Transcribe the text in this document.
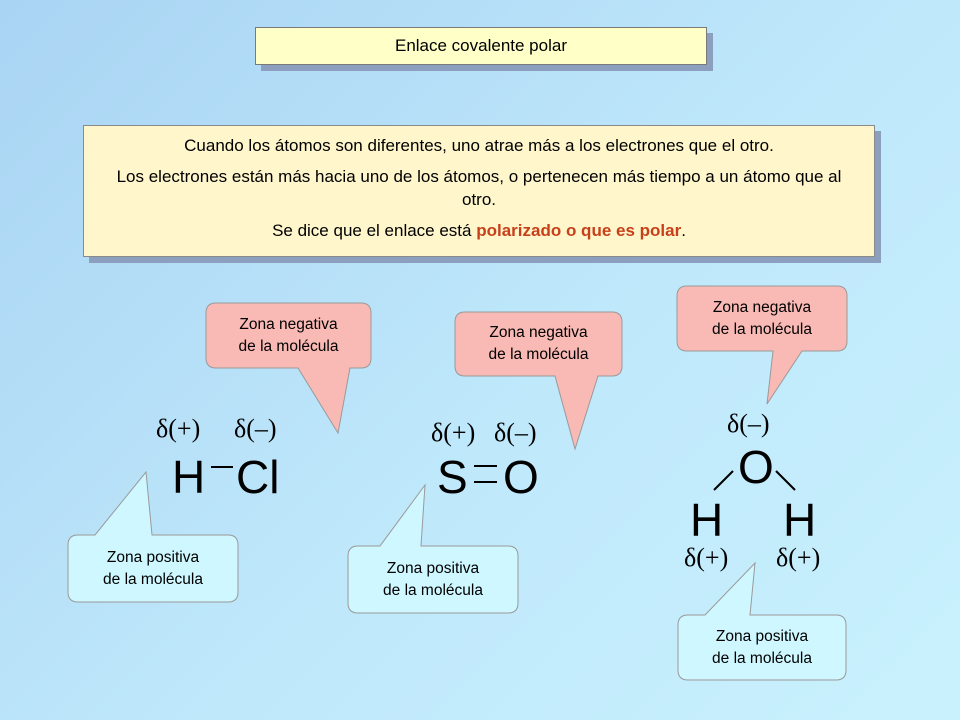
Enlace covalente polar

Cuando los átomos son diferentes, uno atrae más a los electrones que el otro.

Los electrones están más hacia uno de los átomos, o pertenecen más tiempo a un átomo que al otro.

Se dice que el enlace está polarizado o que es polar.

Zona negativa
de la molécula
Zona positiva
de la molécula
Zona negativa
de la molécula
Zona positiva
de la molécula
Zona negativa
de la molécula
Zona positiva
de la molécula
δ(+) δ(–)
H Cl
δ(+) δ(–)
S O
δ(–)
O
H H
δ(+) δ(+)
